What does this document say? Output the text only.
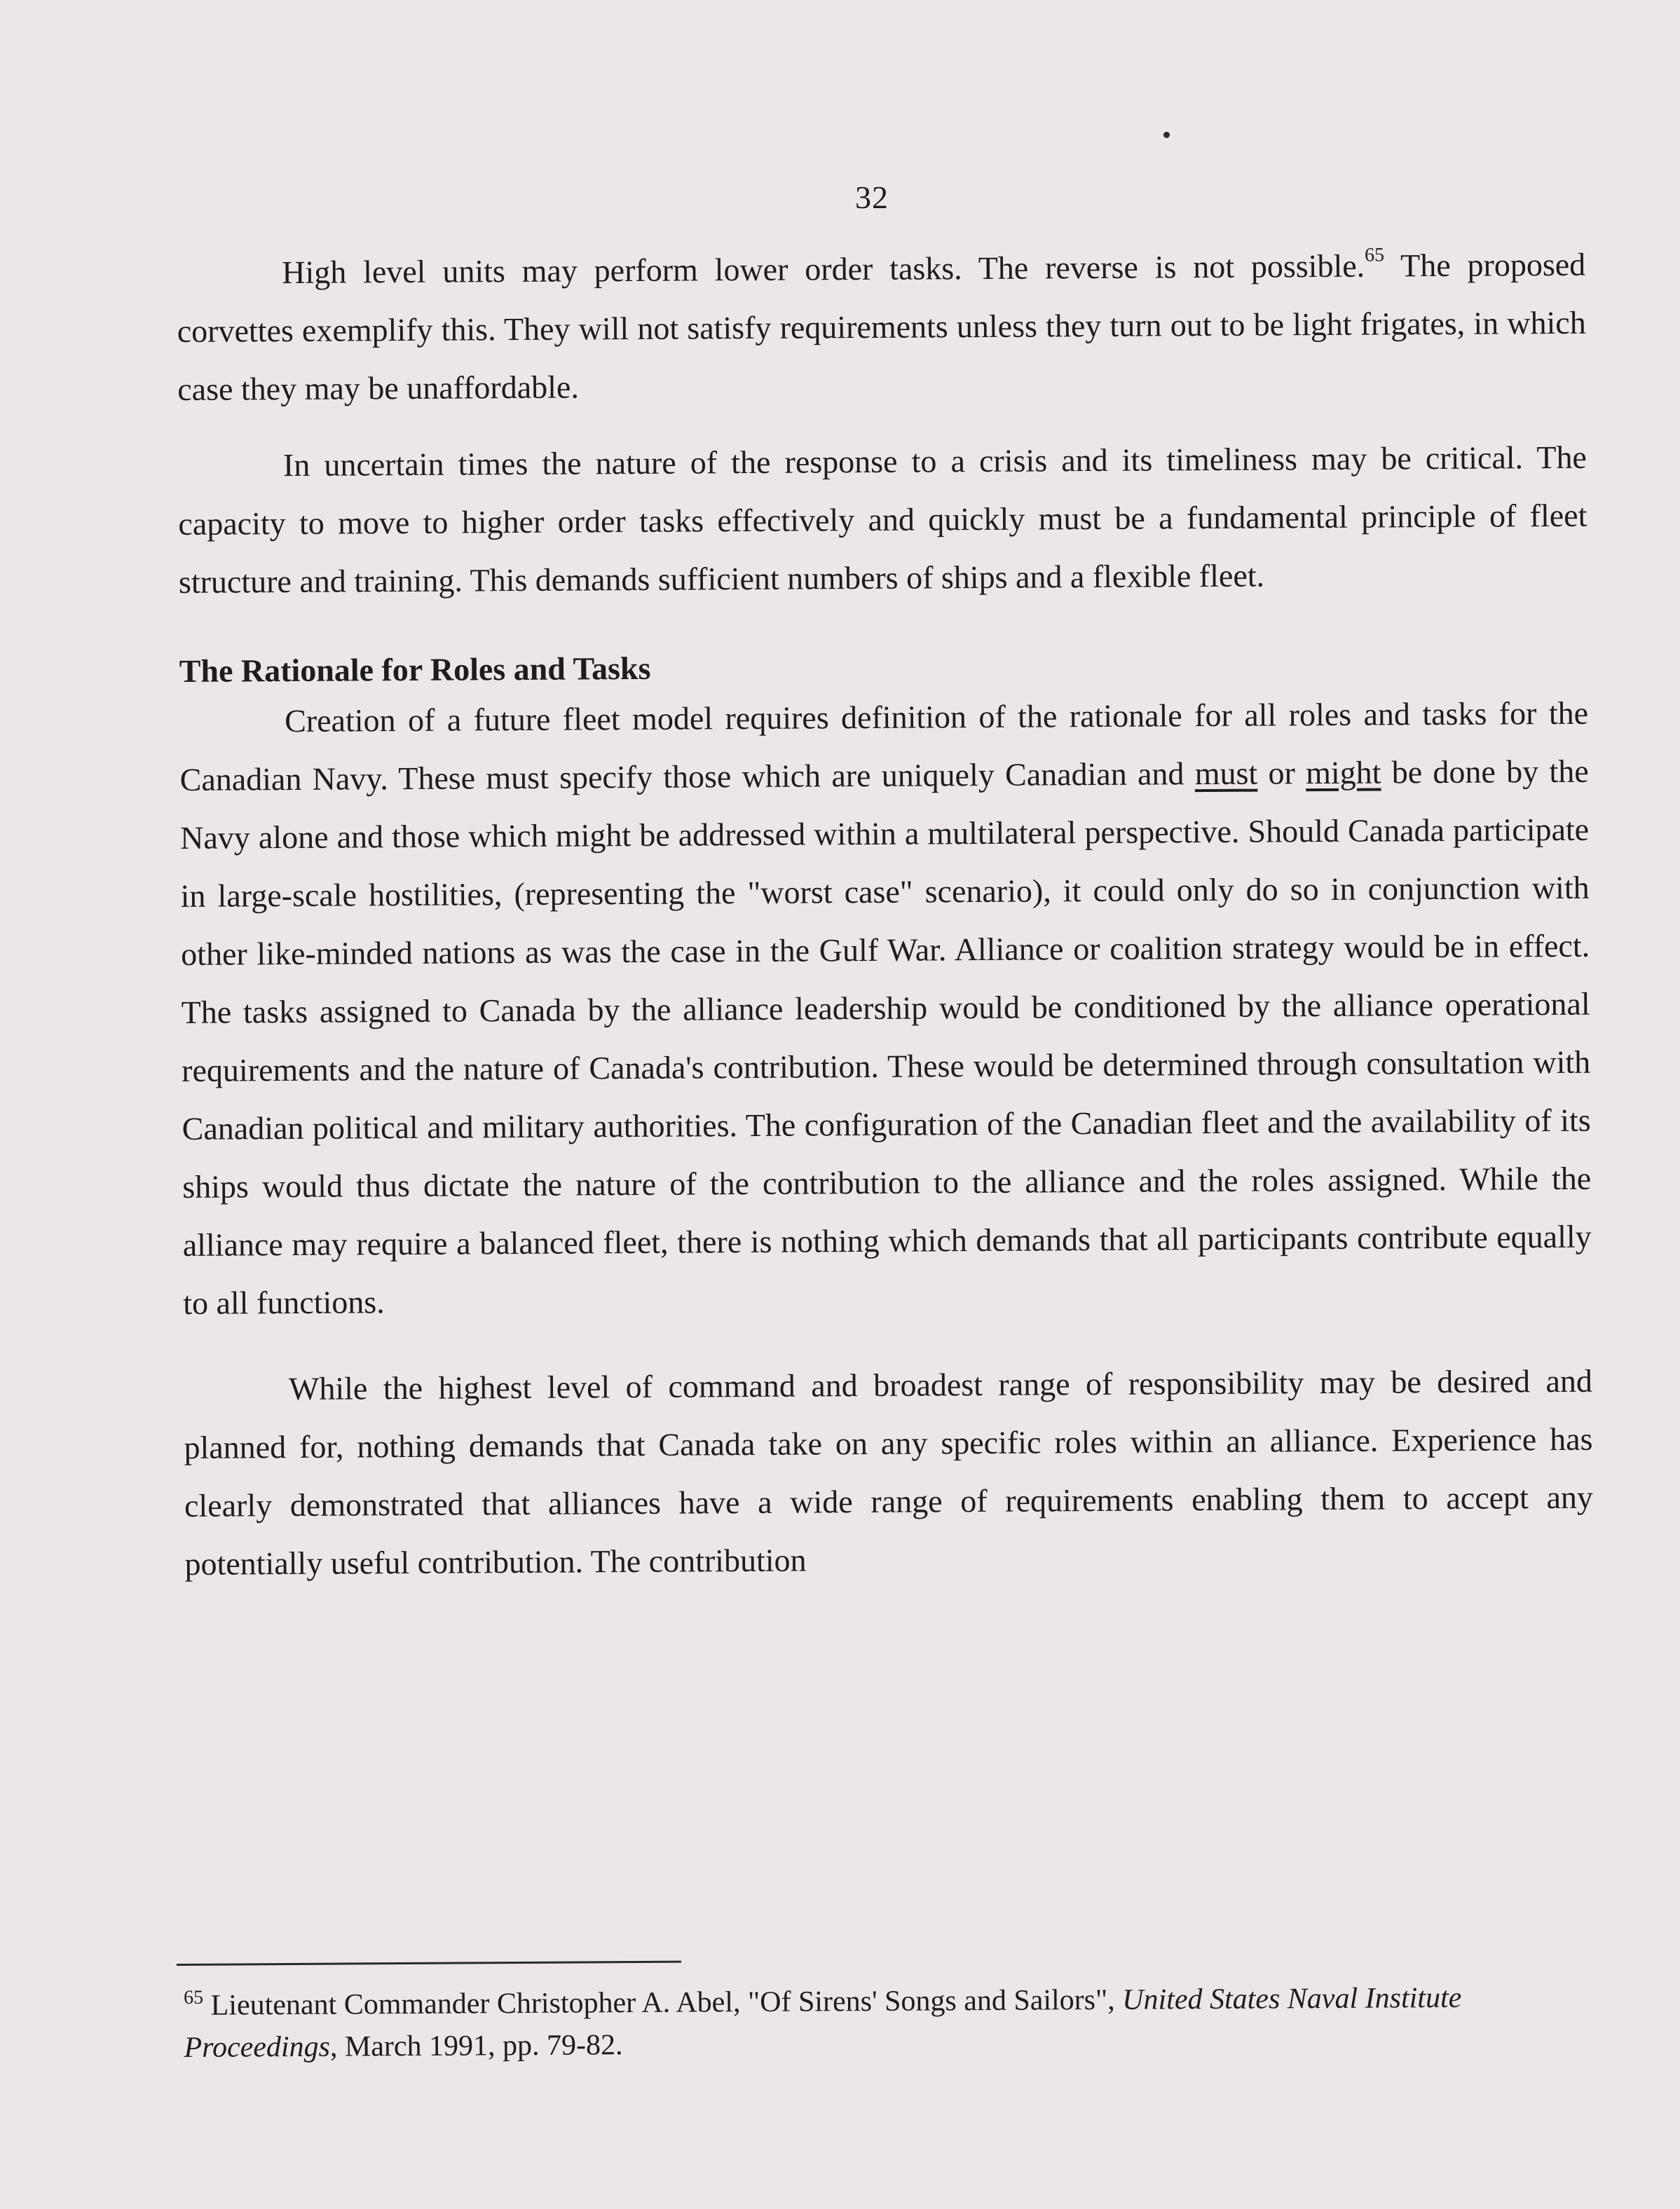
32

High level units may perform lower order tasks. The reverse is not possible.$^{65}$ The proposed corvettes exemplify this. They will not satisfy requirements unless they turn out to be light frigates, in which case they may be unaffordable.

In uncertain times the nature of the response to a crisis and its timeliness may be critical. The capacity to move to higher order tasks effectively and quickly must be a fundamental principle of fleet structure and training. This demands sufficient numbers of ships and a flexible fleet.

The Rationale for Roles and Tasks

Creation of a future fleet model requires definition of the rationale for all roles and tasks for the Canadian Navy. These must specify those which are uniquely Canadian and must or might be done by the Navy alone and those which might be addressed within a multilateral perspective. Should Canada participate in large-scale hostilities, (representing the "worst case" scenario), it could only do so in conjunction with other like-minded nations as was the case in the Gulf War. Alliance or coalition strategy would be in effect. The tasks assigned to Canada by the alliance leadership would be conditioned by the alliance operational requirements and the nature of Canada's contribution. These would be determined through consultation with Canadian political and military authorities. The configuration of the Canadian fleet and the availability of its ships would thus dictate the nature of the contribution to the alliance and the roles assigned. While the alliance may require a balanced fleet, there is nothing which demands that all participants contribute equally to all functions.

While the highest level of command and broadest range of responsibility may be desired and planned for, nothing demands that Canada take on any specific roles within an alliance. Experience has clearly demonstrated that alliances have a wide range of requirements enabling them to accept any potentially useful contribution. The contribution

$^{65}$ Lieutenant Commander Christopher A. Abel, "Of Sirens' Songs and Sailors", United States Naval Institute Proceedings, March 1991, pp. 79-82.
